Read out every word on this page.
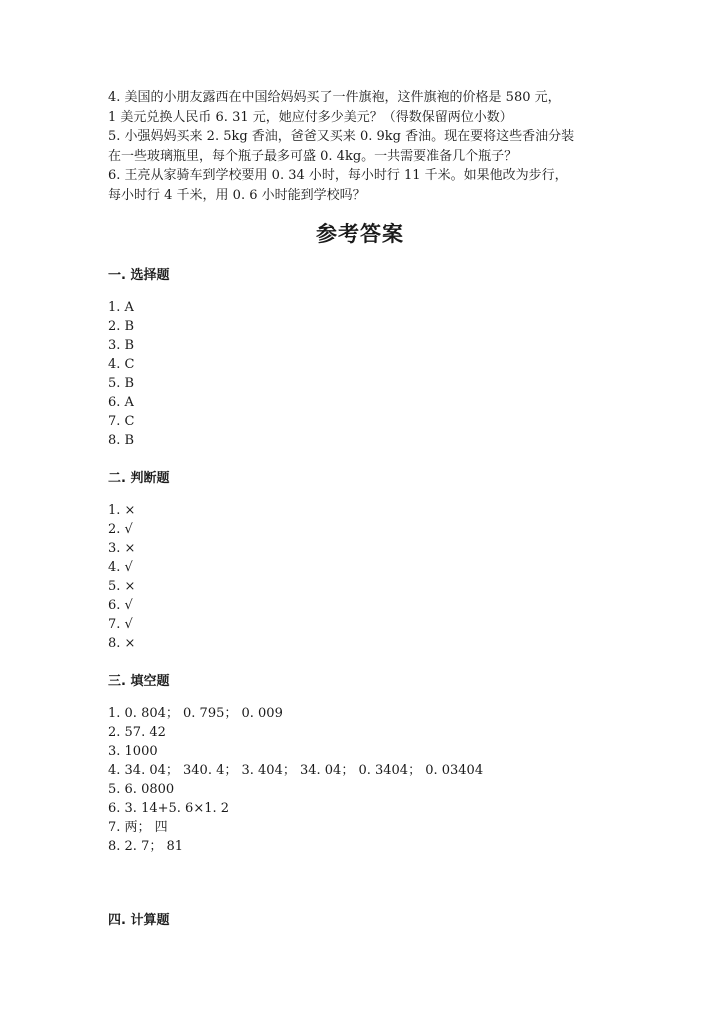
4. 美国的小朋友露西在中国给妈妈买了一件旗袍，这件旗袍的价格是 580 元，

1 美元兑换人民币 6. 31 元，她应付多少美元？（得数保留两位小数）

5. 小强妈妈买来 2. 5kg 香油，爸爸又买来 0. 9kg 香油。现在要将这些香油分装

在一些玻璃瓶里，每个瓶子最多可盛 0. 4kg。一共需要准备几个瓶子？

6. 王亮从家骑车到学校要用 0. 34 小时，每小时行 11 千米。如果他改为步行，

每小时行 4 千米，用 0. 6 小时能到学校吗？

参考答案
一. 选择题
1. A
2. B
3. B
4. C
5. B
6. A
7. C
8. B
二. 判断题
1. ×
2. √
3. ×
4. √
5. ×
6. √
7. √
8. ×
三. 填空题
1. 0. 804； 0. 795； 0. 009
2. 57. 42
3. 1000
4. 34. 04； 340. 4； 3. 404； 34. 04； 0. 3404； 0. 03404
5. 6. 0800
6. 3. 14+5. 6×1. 2
7. 两； 四
8. 2. 7； 81
四. 计算题
